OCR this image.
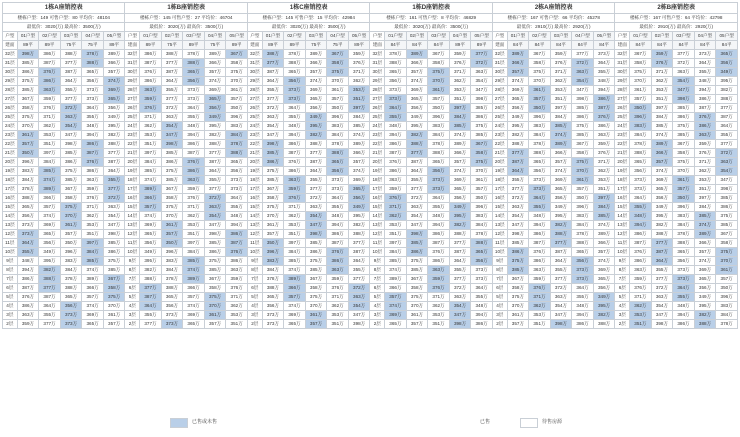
1栋A座销控表						1栋B座销控表						1栋C座销控表						1栋D座销控表						2栋A座销控表						2栋B座销控表					
楼栋户型：149 可售户型：80 平均价：48104						楼栋户型：145 可售户型：27 平均价：46704						楼栋户型：145 可售户型：15 平均价：42984						楼栋户型：161 可售户型：8 平均价：46829						楼栋户型：167 可售户型：66 平均价：45278						楼栋户型：167 可售户型：64 平均价：42798					
最低价：3020(万) 最高价：3500(万)						最低价：3020(万) 最高价：3500(万)						最低价：3020(万) 最高价：3500(万)						最低价：3020(万) 最高价：3500(万)						最低价：2910(万) 最高价：2920(万)						最低价：2910(万) 最高价：2920(万)					
户型	01户型	02户型	03户型	04户型	05户型	户型	01户型	02户型	03户型	04户型	05户型	户型	01户型	02户型	03户型	04户型	05户型	户型	01户型	02户型	03户型	04户型	05户型	户型	01户型	02户型	03户型	04户型	05户型	户型	01户型	02户型	03户型	04户型	05户型
建面	89平	89平	75平	75平	89平	建面	89平	75平	89平	75平	89平	建面	89平	89平	75平	75平	89平	建面	84平	84平	84平	89平	89平	建面	84平	84平	84平	84平	84平	建面	84平	84平	84平	84平	84平
32层	398万	386万	388万	378万	389万	32层	386万	388万	378万	389万	367万	32层	388万	378万	389万	367万	359万	32层	378万	389万	367万	359万	377万	32层	389万	367万	359万	377万	373万	32层	367万	359万	377万	373万	365万
31层	385万	387万	377万	388万	366万	31层	387万	377万	388万	366万	358万	31层	377万	388万	366万	358万	376万	31层	388万	366万	358万	376万	372万	31层	366万	358万	376万	372万	364万	31层	358万	376万	372万	364万	356万
30层	386万	376万	387万	365万	357万	30层	376万	387万	365万	357万	375万	30层	387万	365万	357万	375万	371万	30层	365万	357万	375万	371万	363万	30层	357万	375万	371万	363万	355万	30层	375万	371万	363万	355万	349万
29层	375万	386万	364万	356万	374万	29层	386万	364万	356万	374万	370万	29层	364万	356万	374万	370万	362万	29层	356万	374万	370万	362万	354万	29层	374万	370万	362万	354万	348万	29层	370万	362万	354万	348万	395万
28层	385万	363万	355万	373万	369万	28层	363万	355万	373万	369万	361万	28层	355万	373万	369万	361万	353万	28层	373万	369万	361万	353万	347万	28层	369万	361万	353万	347万	394万	28层	361万	353万	347万	394万	382万
27层	367万	359万	377万	373万	365万	27层	359万	377万	373万	365万	357万	27层	377万	373万	365万	357万	351万	27层	373万	365万	357万	351万	398万	27层	365万	357万	351万	398万	386万	27层	357万	351万	398万	386万	388万
26层	358万	376万	372万	364万	356万	26层	376万	372万	364万	356万	350万	26层	372万	364万	356万	350万	397万	26层	364万	356万	350万	397万	385万	26层	356万	350万	397万	385万	387万	26层	350万	397万	385万	387万	377万
25层	375万	371万	363万	355万	349万	25层	371万	363万	355万	349万	396万	25层	363万	355万	349万	396万	384万	25层	355万	349万	396万	384万	386万	25层	349万	396万	384万	386万	376万	25层	396万	384万	386万	376万	387万
24层	370万	362万	354万	348万	395万	24层	362万	354万	348万	395万	383万	24层	354万	348万	395万	383万	385万	24层	348万	395万	383万	385万	375万	24层	395万	383万	385万	375万	386万	24层	383万	385万	375万	386万	364万
23层	361万	353万	347万	394万	382万	23层	353万	347万	394万	382万	384万	23层	347万	394万	382万	384万	374万	23层	394万	382万	384万	374万	385万	23层	382万	384万	374万	385万	363万	23层	384万	374万	385万	363万	355万
22层	357万	351万	398万	386万	388万	22层	351万	398万	386万	388万	378万	22层	398万	386万	388万	378万	389万	22层	386万	388万	378万	389万	367万	22层	388万	378万	389万	367万	359万	22层	378万	389万	367万	359万	377万
21层	350万	397万	385万	387万	377万	21层	397万	385万	387万	377万	388万	21层	385万	387万	377万	388万	366万	21层	387万	377万	388万	366万	358万	21层	377万	388万	366万	358万	376万	21层	388万	366万	358万	376万	372万
20层	396万	384万	386万	376万	387万	20层	384万	386万	376万	387万	365万	20层	386万	376万	387万	365万	357万	20层	376万	387万	365万	357万	375万	20层	387万	365万	357万	375万	371万	20层	365万	357万	375万	371万	363万
19层	383万	385万	375万	386万	364万	19层	385万	375万	386万	364万	356万	19层	375万	386万	364万	356万	374万	19层	386万	364万	356万	374万	370万	19层	364万	356万	374万	370万	362万	19层	356万	374万	370万	362万	354万
18层	384万	374万	385万	363万	355万	18层	374万	385万	363万	355万	373万	18层	385万	363万	355万	373万	369万	18层	363万	355万	373万	369万	361万	18层	355万	373万	369万	361万	353万	18层	373万	369万	361万	353万	347万
17层	378万	389万	367万	359万	377万	17层	389万	367万	359万	377万	373万	17层	367万	359万	377万	373万	365万	17层	359万	377万	373万	365万	357万	17层	377万	373万	365万	357万	351万	17层	373万	365万	357万	351万	398万
16层	388万	366万	358万	376万	372万	16层	366万	358万	376万	372万	364万	16层	358万	376万	372万	364万	356万	16层	376万	372万	364万	356万	350万	16层	372万	364万	356万	350万	397万	16层	364万	356万	350万	397万	385万
15层	365万	357万	375万	371万	363万	15层	357万	375万	371万	363万	355万	15层	375万	371万	363万	355万	349万	15层	371万	363万	355万	349万	396万	15层	363万	355万	349万	396万	384万	15层	355万	349万	396万	384万	386万
14层	356万	374万	370万	362万	354万	14层	374万	370万	362万	354万	348万	14层	370万	362万	354万	348万	395万	14层	362万	354万	348万	395万	383万	14层	354万	348万	395万	383万	385万	14层	348万	395万	383万	385万	375万
13层	373万	369万	361万	353万	347万	13层	369万	361万	353万	347万	394万	13层	361万	353万	347万	394万	382万	13层	353万	347万	394万	382万	384万	13层	347万	394万	382万	384万	374万	13层	394万	382万	384万	374万	385万
12层	373万	365万	357万	351万	398万	12层	365万	357万	351万	398万	386万	12层	357万	351万	398万	386万	388万	12层	351万	398万	386万	388万	378万	12层	398万	386万	388万	378万	389万	12层	386万	388万	378万	389万	367万
11层	364万	356万	350万	397万	385万	11层	356万	350万	397万	385万	387万	11层	350万	397万	385万	387万	377万	11层	397万	385万	387万	377万	388万	11层	385万	387万	377万	388万	366万	11层	387万	377万	388万	366万	358万
10层	355万	349万	396万	384万	386万	10层	349万	396万	384万	386万	376万	10层	396万	384万	386万	376万	387万	10层	384万	386万	376万	387万	365万	10层	386万	376万	387万	365万	357万	10层	376万	387万	365万	357万	375万
9层	348万	395万	383万	385万	375万	9层	395万	383万	385万	375万	386万	9层	383万	385万	375万	386万	364万	9层	385万	375万	386万	364万	356万	9层	375万	386万	364万	356万	374万	9层	386万	364万	356万	374万	370万
8层	394万	382万	384万	374万	385万	8层	382万	384万	374万	385万	363万	8层	384万	374万	385万	363万	355万	8层	374万	385万	363万	355万	373万	8层	385万	363万	355万	373万	369万	8层	363万	355万	373万	369万	361万
7层	386万	388万	378万	389万	367万	7层	388万	378万	389万	367万	359万	7层	378万	389万	367万	359万	377万	7层	389万	367万	359万	377万	373万	7层	367万	359万	377万	373万	365万	7层	359万	377万	373万	365万	357万
6层	387万	377万	388万	366万	358万	6层	377万	388万	366万	358万	376万	6层	388万	366万	358万	376万	372万	6层	366万	358万	376万	372万	364万	6层	358万	376万	372万	364万	356万	6层	376万	372万	364万	356万	350万
5层	376万	387万	365万	357万	375万	5层	387万	365万	357万	375万	371万	5层	365万	357万	375万	371万	363万	5层	357万	375万	371万	363万	355万	5层	375万	371万	363万	355万	349万	5层	371万	363万	355万	349万	396万
4层	386万	364万	356万	374万	370万	4层	364万	356万	374万	370万	362万	4层	356万	374万	370万	362万	354万	4层	374万	370万	362万	354万	348万	4层	370万	362万	354万	348万	395万	4层	362万	354万	348万	395万	383万
3层	363万	355万	373万	369万	361万	3层	355万	373万	369万	361万	353万	3层	373万	369万	361万	353万	347万	3层	369万	361万	353万	347万	394万	3层	361万	353万	347万	394万	382万	3层	353万	347万	394万	382万	384万
2层	359万	377万	373万	365万	357万	2层	377万	373万	365万	357万	351万	2层	373万	365万	357万	351万	398万	2层	365万	357万	351万	398万	386万	2层	357万	351万	398万	386万	388万	2层	351万	398万	386万	388万	378万
已售或未售	已售	待售房源
